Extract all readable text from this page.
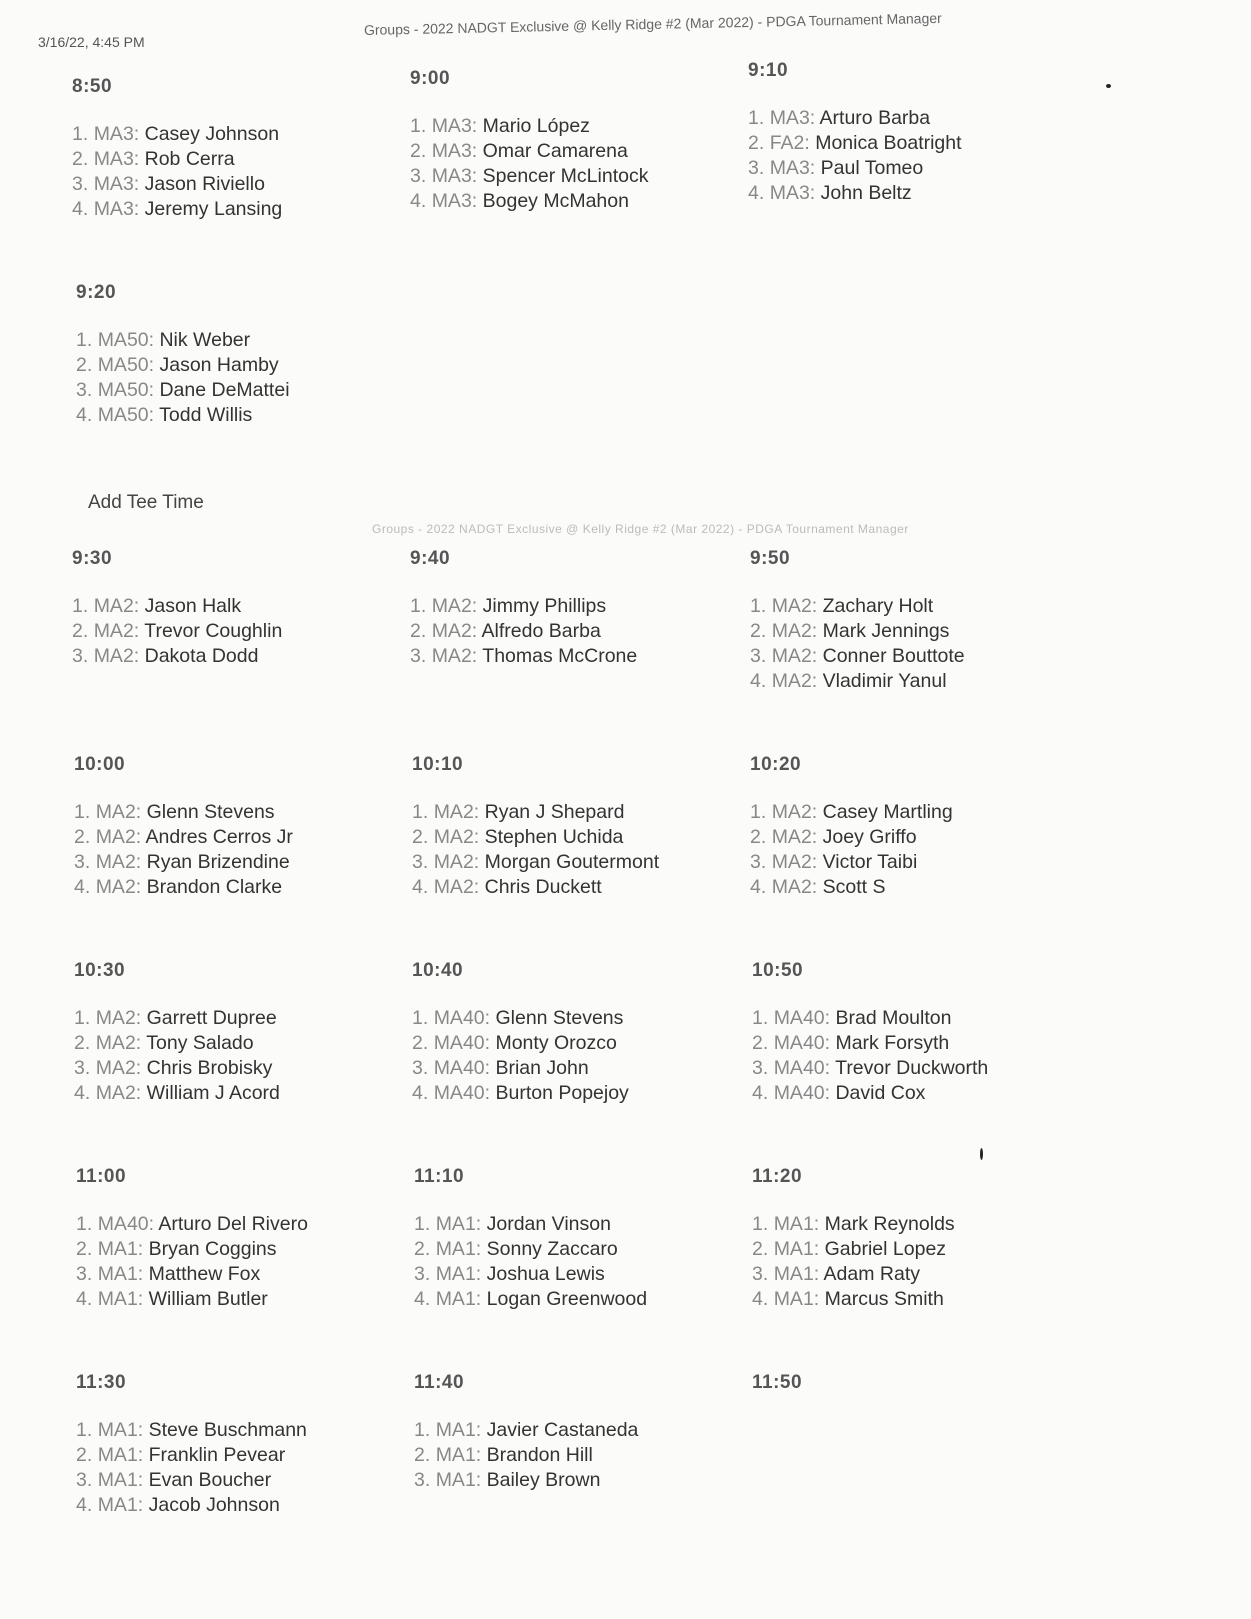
3/16/22, 4:45 PM
Groups - 2022 NADGT Exclusive @ Kelly Ridge #2 (Mar 2022) - PDGA Tournament Manager
Groups - 2022 NADGT Exclusive @ Kelly Ridge #2 (Mar 2022) - PDGA Tournament Manager
Add Tee Time
8:50
1. MA3: Casey Johnson
2. MA3: Rob Cerra
3. MA3: Jason Riviello
4. MA3: Jeremy Lansing
9:00
1. MA3: Mario López
2. MA3: Omar Camarena
3. MA3: Spencer McLintock
4. MA3: Bogey McMahon
9:10
1. MA3: Arturo Barba
2. FA2: Monica Boatright
3. MA3: Paul Tomeo
4. MA3: John Beltz
9:20
1. MA50: Nik Weber
2. MA50: Jason Hamby
3. MA50: Dane DeMattei
4. MA50: Todd Willis
9:30
1. MA2: Jason Halk
2. MA2: Trevor Coughlin
3. MA2: Dakota Dodd
9:40
1. MA2: Jimmy Phillips
2. MA2: Alfredo Barba
3. MA2: Thomas McCrone
9:50
1. MA2: Zachary Holt
2. MA2: Mark Jennings
3. MA2: Conner Bouttote
4. MA2: Vladimir Yanul
10:00
1. MA2: Glenn Stevens
2. MA2: Andres Cerros Jr
3. MA2: Ryan Brizendine
4. MA2: Brandon Clarke
10:10
1. MA2: Ryan J Shepard
2. MA2: Stephen Uchida
3. MA2: Morgan Goutermont
4. MA2: Chris Duckett
10:20
1. MA2: Casey Martling
2. MA2: Joey Griffo
3. MA2: Victor Taibi
4. MA2: Scott S
10:30
1. MA2: Garrett Dupree
2. MA2: Tony Salado
3. MA2: Chris Brobisky
4. MA2: William J Acord
10:40
1. MA40: Glenn Stevens
2. MA40: Monty Orozco
3. MA40: Brian John
4. MA40: Burton Popejoy
10:50
1. MA40: Brad Moulton
2. MA40: Mark Forsyth
3. MA40: Trevor Duckworth
4. MA40: David Cox
11:00
1. MA40: Arturo Del Rivero
2. MA1: Bryan Coggins
3. MA1: Matthew Fox
4. MA1: William Butler
11:10
1. MA1: Jordan Vinson
2. MA1: Sonny Zaccaro
3. MA1: Joshua Lewis
4. MA1: Logan Greenwood
11:20
1. MA1: Mark Reynolds
2. MA1: Gabriel Lopez
3. MA1: Adam Raty
4. MA1: Marcus Smith
11:30
1. MA1: Steve Buschmann
2. MA1: Franklin Pevear
3. MA1: Evan Boucher
4. MA1: Jacob Johnson
11:40
1. MA1: Javier Castaneda
2. MA1: Brandon Hill
3. MA1: Bailey Brown
11:50
